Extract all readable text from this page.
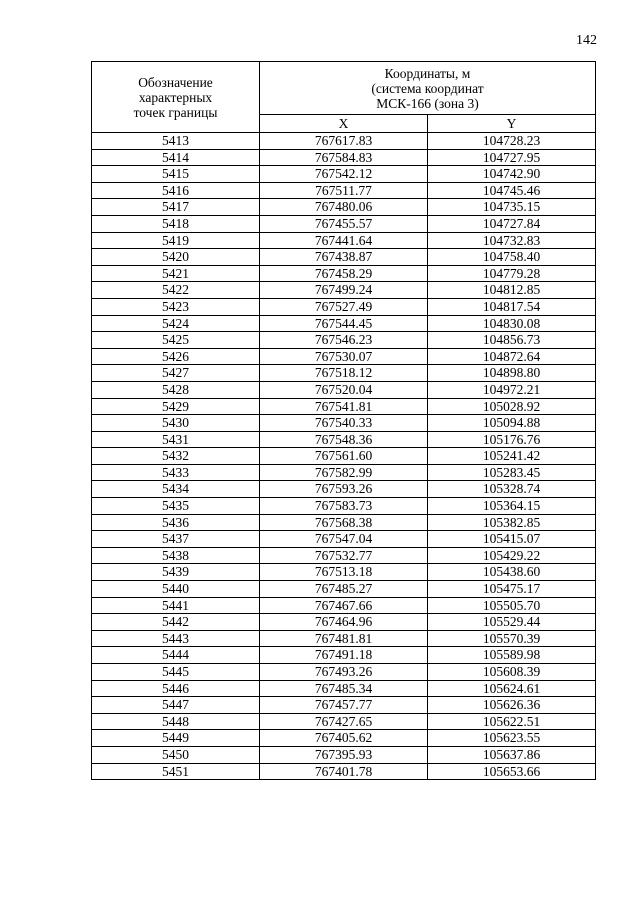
142
Обозначение
характерных
точек границы	Координаты, м
(система координат
МСК-166 (зона 3)	

	X	Y
5413	767617.83	104728.23
5414	767584.83	104727.95
5415	767542.12	104742.90
5416	767511.77	104745.46
5417	767480.06	104735.15
5418	767455.57	104727.84
5419	767441.64	104732.83
5420	767438.87	104758.40
5421	767458.29	104779.28
5422	767499.24	104812.85
5423	767527.49	104817.54
5424	767544.45	104830.08
5425	767546.23	104856.73
5426	767530.07	104872.64
5427	767518.12	104898.80
5428	767520.04	104972.21
5429	767541.81	105028.92
5430	767540.33	105094.88
5431	767548.36	105176.76
5432	767561.60	105241.42
5433	767582.99	105283.45
5434	767593.26	105328.74
5435	767583.73	105364.15
5436	767568.38	105382.85
5437	767547.04	105415.07
5438	767532.77	105429.22
5439	767513.18	105438.60
5440	767485.27	105475.17
5441	767467.66	105505.70
5442	767464.96	105529.44
5443	767481.81	105570.39
5444	767491.18	105589.98
5445	767493.26	105608.39
5446	767485.34	105624.61
5447	767457.77	105626.36
5448	767427.65	105622.51
5449	767405.62	105623.55
5450	767395.93	105637.86
5451	767401.78	105653.66
